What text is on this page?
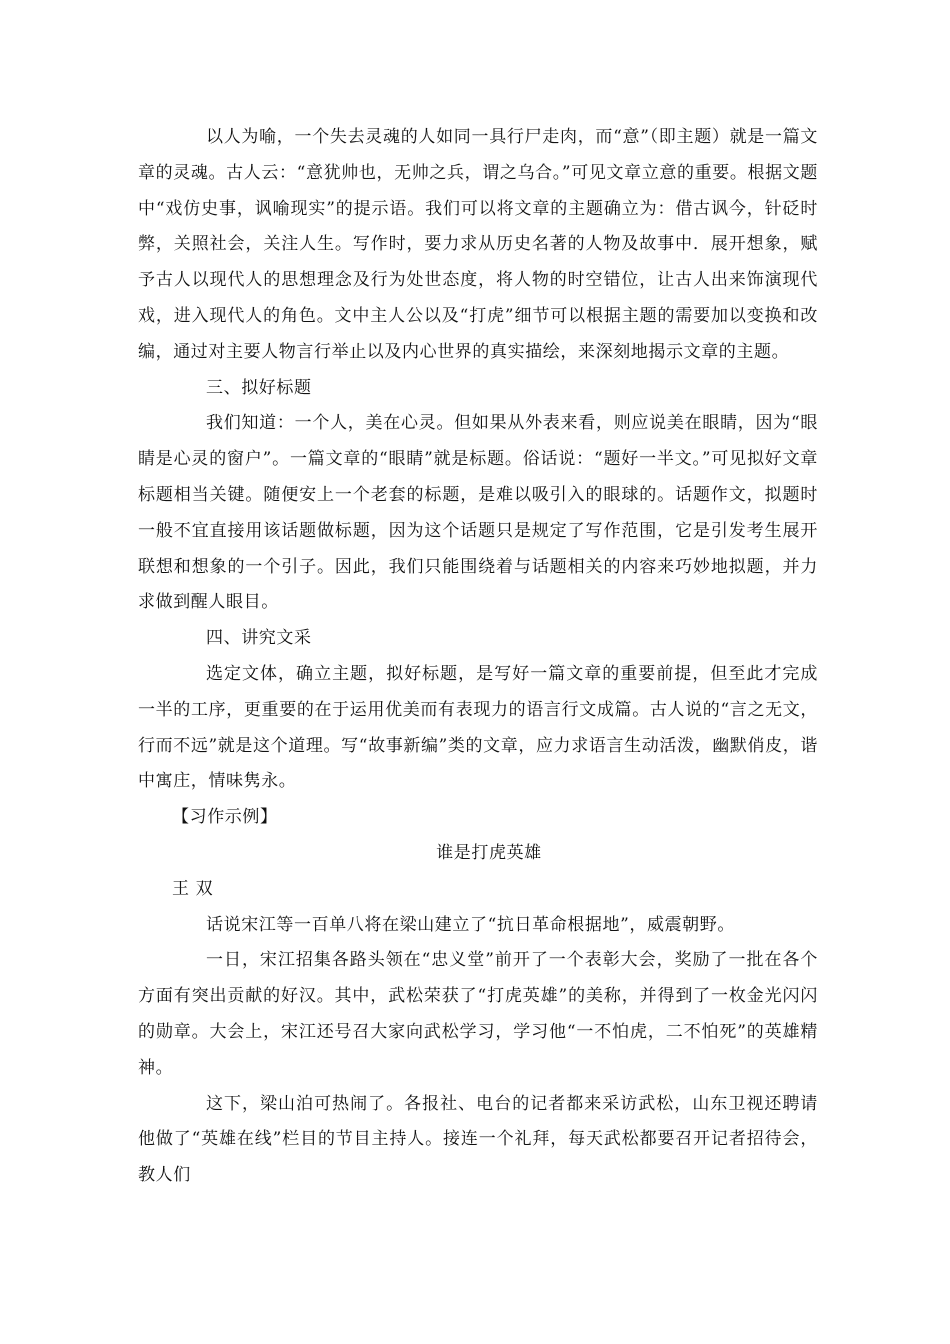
以人为喻，一个失去灵魂的人如同一具行尸走肉，而“意”（即主题）就是一篇文章的灵魂。古人云：“意犹帅也，无帅之兵，谓之乌合。”可见文章立意的重要。根据文题中“戏仿史事，讽喻现实”的提示语。我们可以将文章的主题确立为：借古讽今，针砭时弊，关照社会，关注人生。写作时，要力求从历史名著的人物及故事中．展开想象，赋予古人以现代人的思想理念及行为处世态度，将人物的时空错位，让古人出来饰演现代戏，进入现代人的角色。文中主人公以及“打虎”细节可以根据主题的需要加以变换和改编，通过对主要人物言行举止以及内心世界的真实描绘，来深刻地揭示文章的主题。

三、拟好标题

我们知道：一个人，美在心灵。但如果从外表来看，则应说美在眼睛，因为“眼睛是心灵的窗户”。一篇文章的“眼睛”就是标题。俗话说：“题好一半文。”可见拟好文章标题相当关键。随便安上一个老套的标题，是难以吸引入的眼球的。话题作文，拟题时一般不宜直接用该话题做标题，因为这个话题只是规定了写作范围，它是引发考生展开联想和想象的一个引子。因此，我们只能围绕着与话题相关的内容来巧妙地拟题，并力求做到醒人眼目。

四、讲究文采

选定文体，确立主题，拟好标题，是写好一篇文章的重要前提，但至此才完成一半的工序，更重要的在于运用优美而有表现力的语言行文成篇。古人说的“言之无文，行而不远”就是这个道理。写“故事新编”类的文章，应力求语言生动活泼，幽默俏皮，谐中寓庄，情味隽永。

【习作示例】

谁是打虎英雄

王 双

话说宋江等一百单八将在梁山建立了“抗日革命根据地”，威震朝野。

一日，宋江招集各路头领在“忠义堂”前开了一个表彰大会，奖励了一批在各个方面有突出贡献的好汉。其中，武松荣获了“打虎英雄”的美称，并得到了一枚金光闪闪的勋章。大会上，宋江还号召大家向武松学习，学习他“一不怕虎，二不怕死”的英雄精神。

这下，梁山泊可热闹了。各报社、电台的记者都来采访武松，山东卫视还聘请他做了“英雄在线”栏目的节目主持人。接连一个礼拜，每天武松都要召开记者招待会，教人们
